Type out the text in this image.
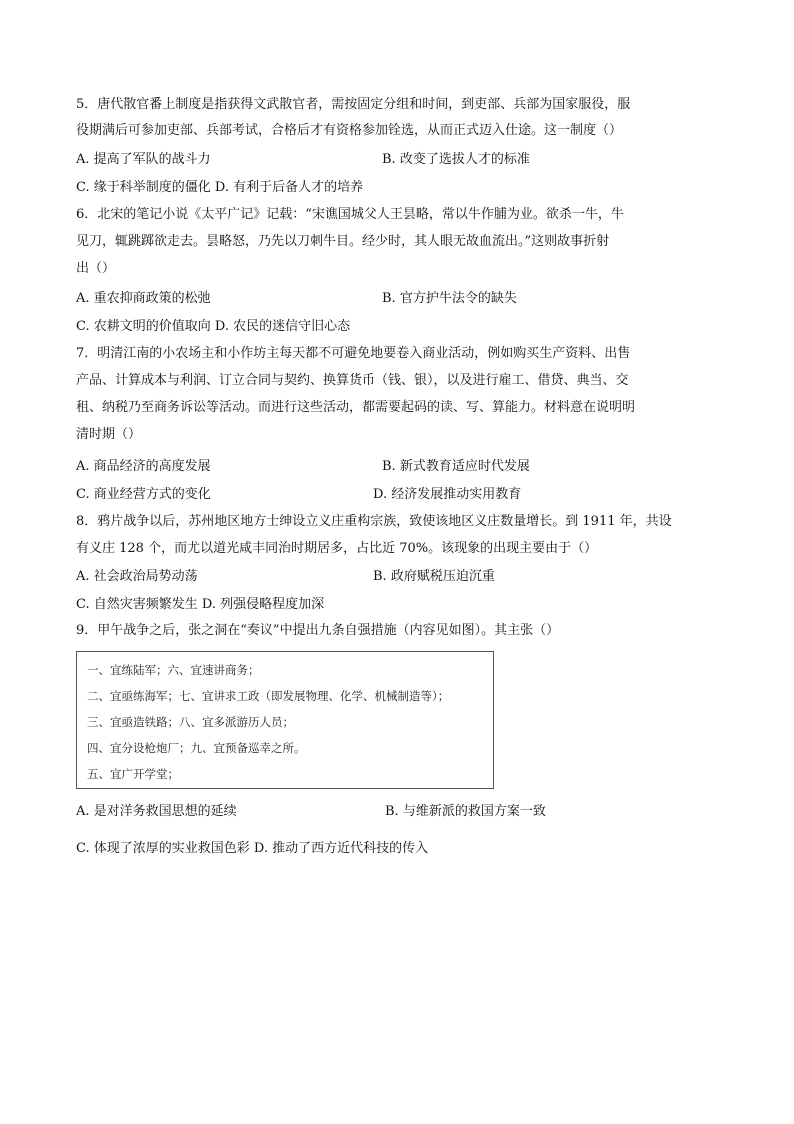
5．唐代散官番上制度是指获得文武散官者，需按固定分组和时间，到吏部、兵部为国家服役，服
役期满后可参加吏部、兵部考试，合格后才有资格参加铨选，从而正式迈入仕途。这一制度（）
A. 提高了军队的战斗力	B. 改变了选拔人才的标准
C. 缘于科举制度的僵化 D. 有利于后备人才的培养
6．北宋的笔记小说《太平广记》记载：“宋谯国城父人王昙略，常以牛作脯为业。欲杀一牛，牛
见刀，辄跳踯欲走去。昙略怒，乃先以刀刺牛目。经少时，其人眼无故血流出。”这则故事折射
出（）
A. 重农抑商政策的松弛	B. 官方护牛法令的缺失
C. 农耕文明的价值取向 D. 农民的迷信守旧心态
7．明清江南的小农场主和小作坊主每天都不可避免地要卷入商业活动，例如购买生产资料、出售
产品、计算成本与利润、订立合同与契约、换算货币（钱、银），以及进行雇工、借贷、典当、交
租、纳税乃至商务诉讼等活动。而进行这些活动，都需要起码的读、写、算能力。材料意在说明明
清时期（）
A. 商品经济的高度发展	B. 新式教育适应时代发展
C. 商业经营方式的变化	D. 经济发展推动实用教育
8．鸦片战争以后，苏州地区地方士绅设立义庄重构宗族，致使该地区义庄数量增长。到 1911 年，共设
有义庄 128 个，而尤以道光咸丰同治时期居多，占比近 70%。该现象的出现主要由于（）
A. 社会政治局势动荡	B. 政府赋税压迫沉重
C. 自然灾害频繁发生 D. 列强侵略程度加深
9．甲午战争之后，张之洞在“奏议”中提出九条自强措施（内容见如图）。其主张（）
一、宜练陆军；六、宜速讲商务；
二、宜亟练海军；七、宜讲求工政（即发展物理、化学、机械制造等）；
三、宜亟造铁路；八、宜多派游历人员；
四、宜分设枪炮厂；九、宜预备巡幸之所。
五、宜广开学堂；
A. 是对洋务救国思想的延续	B. 与维新派的救国方案一致
C. 体现了浓厚的实业救国色彩 D. 推动了西方近代科技的传入
